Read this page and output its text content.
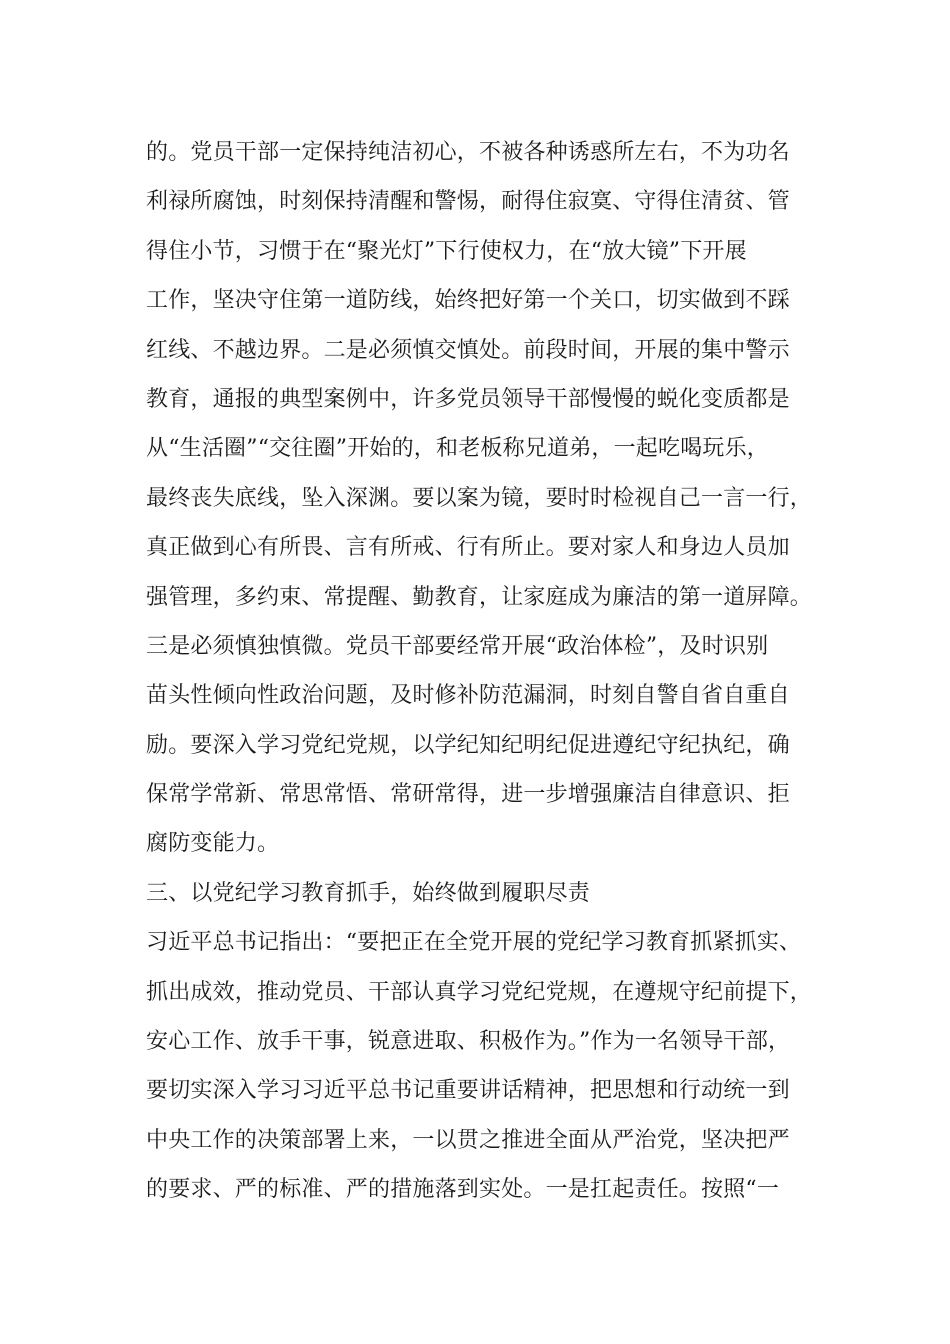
的。党员干部一定保持纯洁初心，不被各种诱惑所左右，不为功名
利禄所腐蚀，时刻保持清醒和警惕，耐得住寂寞、守得住清贫、管
得住小节，习惯于在“聚光灯”下行使权力，在“放大镜”下开展
工作，坚决守住第一道防线，始终把好第一个关口，切实做到不踩
红线、不越边界。二是必须慎交慎处。前段时间，开展的集中警示
教育，通报的典型案例中，许多党员领导干部慢慢的蜕化变质都是
从“生活圈”“交往圈”开始的，和老板称兄道弟，一起吃喝玩乐，
最终丧失底线，坠入深渊。要以案为镜，要时时检视自己一言一行，
真正做到心有所畏、言有所戒、行有所止。要对家人和身边人员加
强管理，多约束、常提醒、勤教育，让家庭成为廉洁的第一道屏障。
三是必须慎独慎微。党员干部要经常开展“政治体检”，及时识别
苗头性倾向性政治问题，及时修补防范漏洞，时刻自警自省自重自
励。要深入学习党纪党规，以学纪知纪明纪促进遵纪守纪执纪，确
保常学常新、常思常悟、常研常得，进一步增强廉洁自律意识、拒
腐防变能力。
三、以党纪学习教育抓手，始终做到履职尽责
习近平总书记指出：“要把正在全党开展的党纪学习教育抓紧抓实、
抓出成效，推动党员、干部认真学习党纪党规，在遵规守纪前提下，
安心工作、放手干事，锐意进取、积极作为。”作为一名领导干部，
要切实深入学习习近平总书记重要讲话精神，把思想和行动统一到
中央工作的决策部署上来，一以贯之推进全面从严治党，坚决把严
的要求、严的标准、严的措施落到实处。一是扛起责任。按照“一
